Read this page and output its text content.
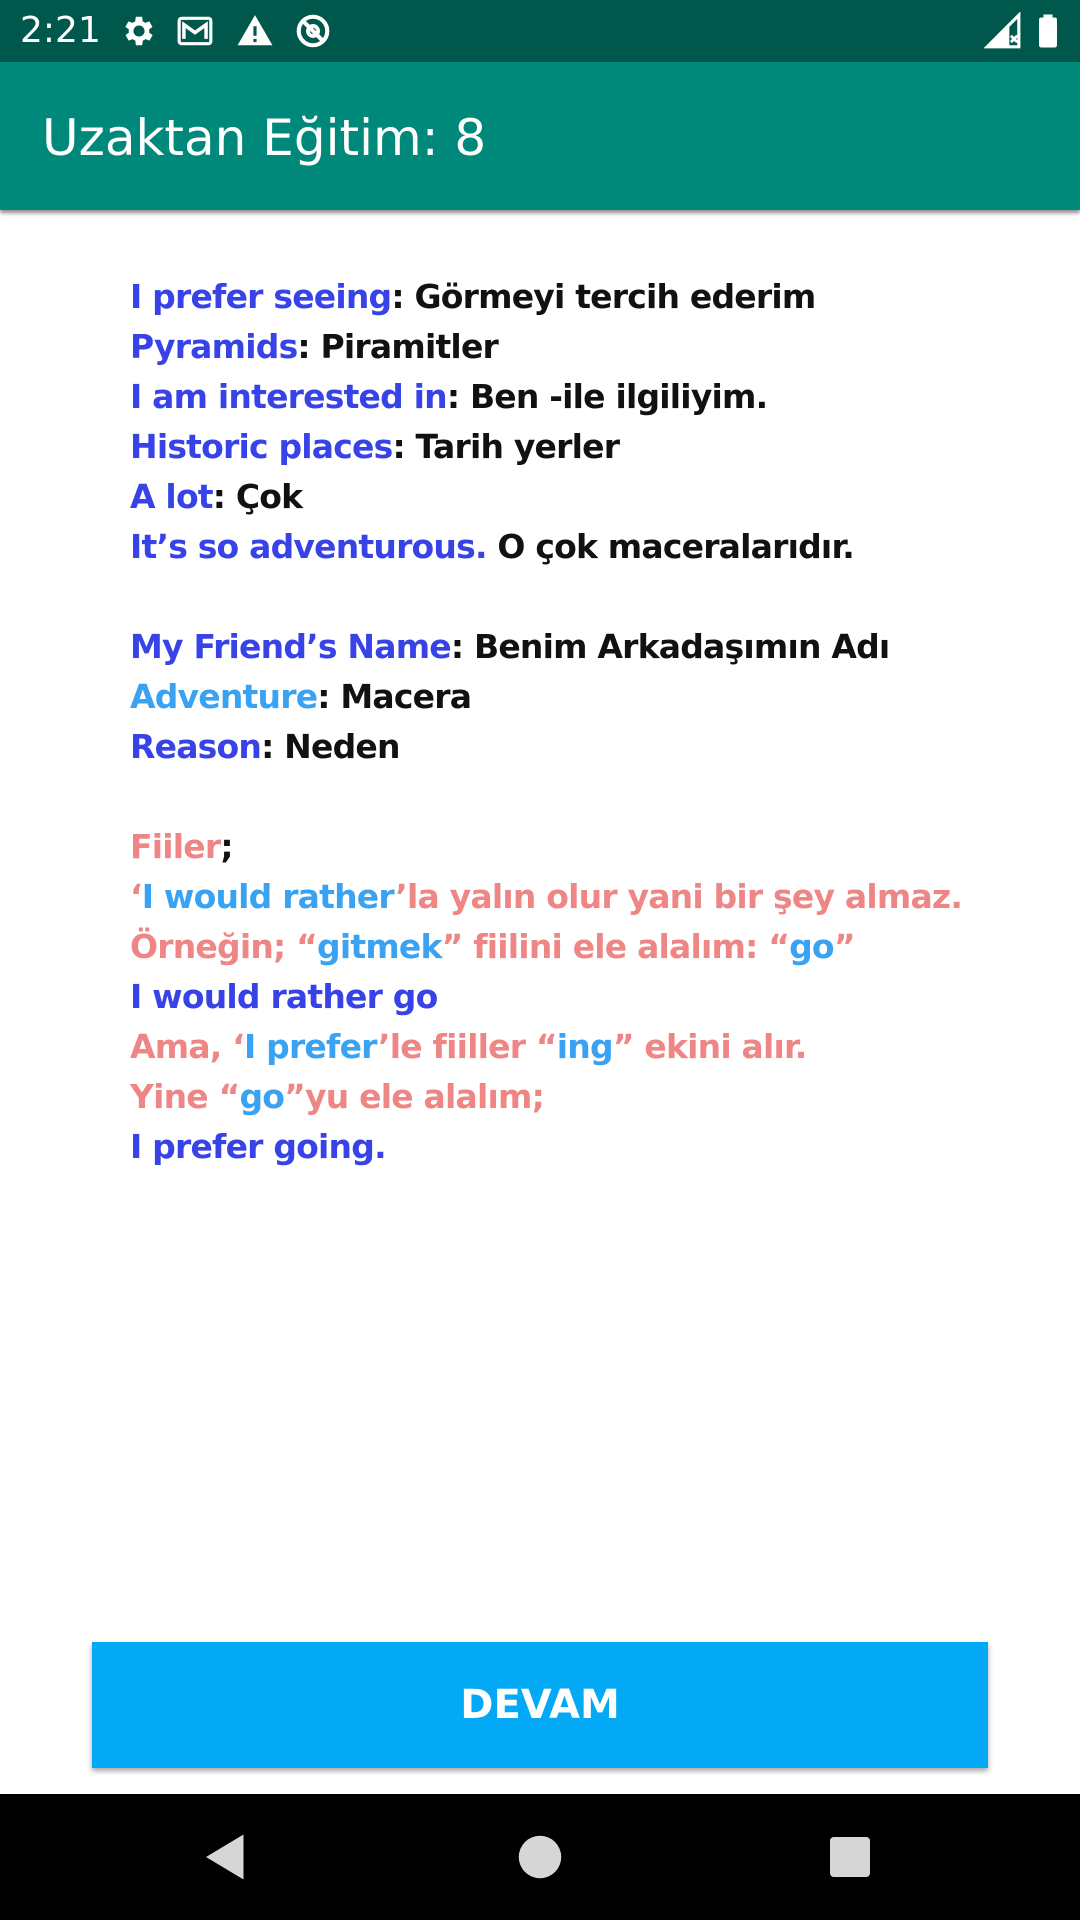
2:21
Uzaktan Eğitim: 8
I prefer seeing: Görmeyi tercih ederim
Pyramids: Piramitler
I am interested in: Ben -ile ilgiliyim.
Historic places: Tarih yerler
A lot: Çok
It’s so adventurous. O çok maceralarıdır.
My Friend’s Name: Benim Arkadaşımın Adı
Adventure: Macera
Reason: Neden
Fiiler;
‘I would rather’la yalın olur yani bir şey almaz.
Örneğin; “gitmek” fiilini ele alalım: “go”
I would rather go
Ama, ‘I prefer’le fiiller “ing” ekini alır.
Yine “go”yu ele alalım;
I prefer going.
DEVAM
